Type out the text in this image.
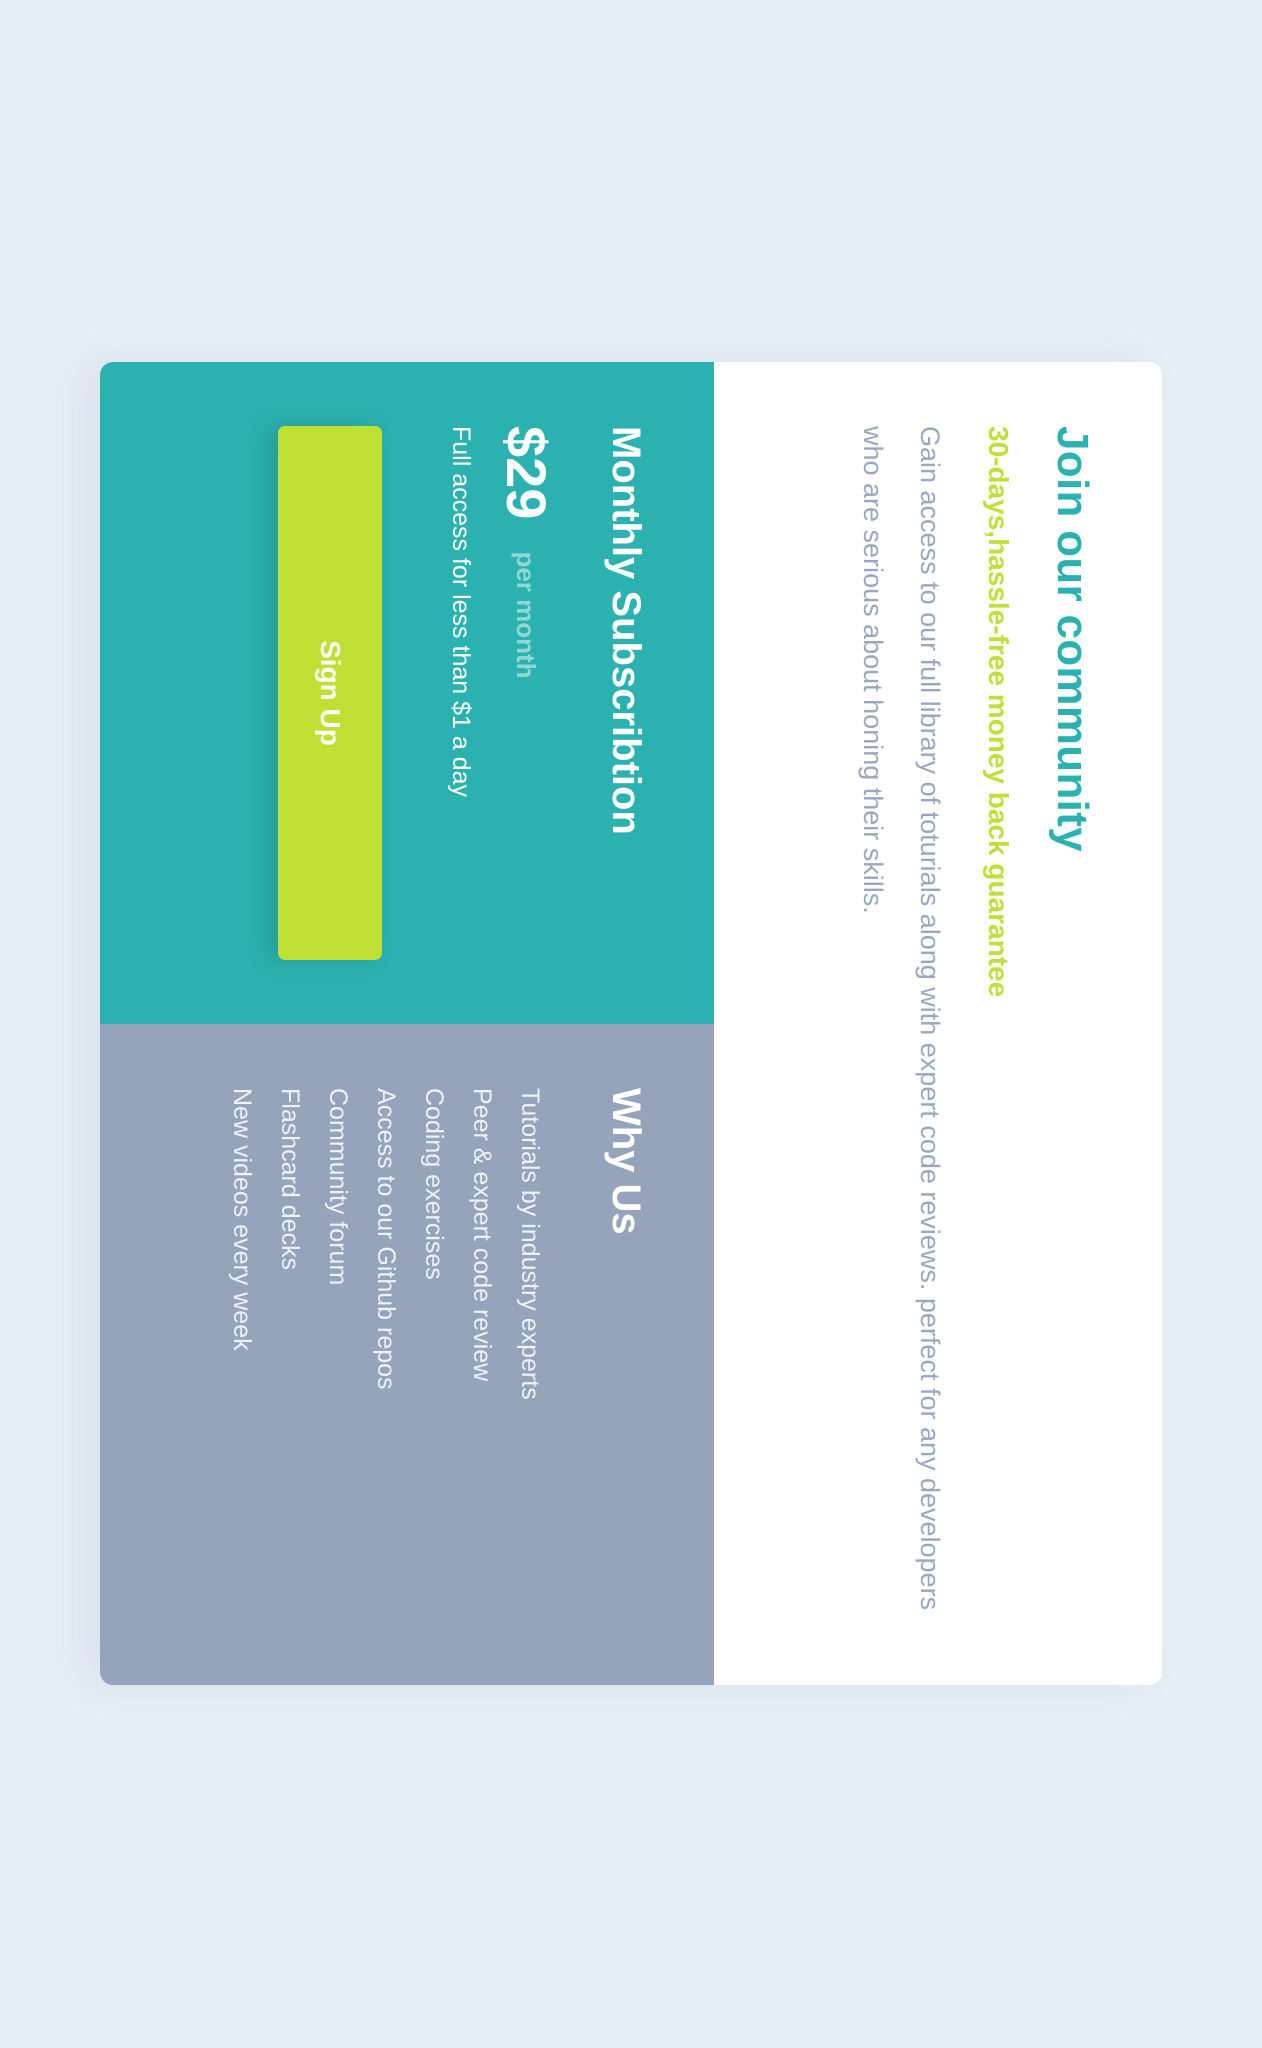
Join our community

30-days,hassle-free money back guarantee

Gain access to our full library of toturials along with expert code reviews. perfect for any developers who are serious about honing their skills.

Monthly Subscribtion
$29
per month
Full access for less than $1 a day
Sign Up
Why Us
Tutorials by industry experts
Peer & expert code review
Coding exercises
Access to our Github repos
Community forum
Flashcard decks
New videos every week
